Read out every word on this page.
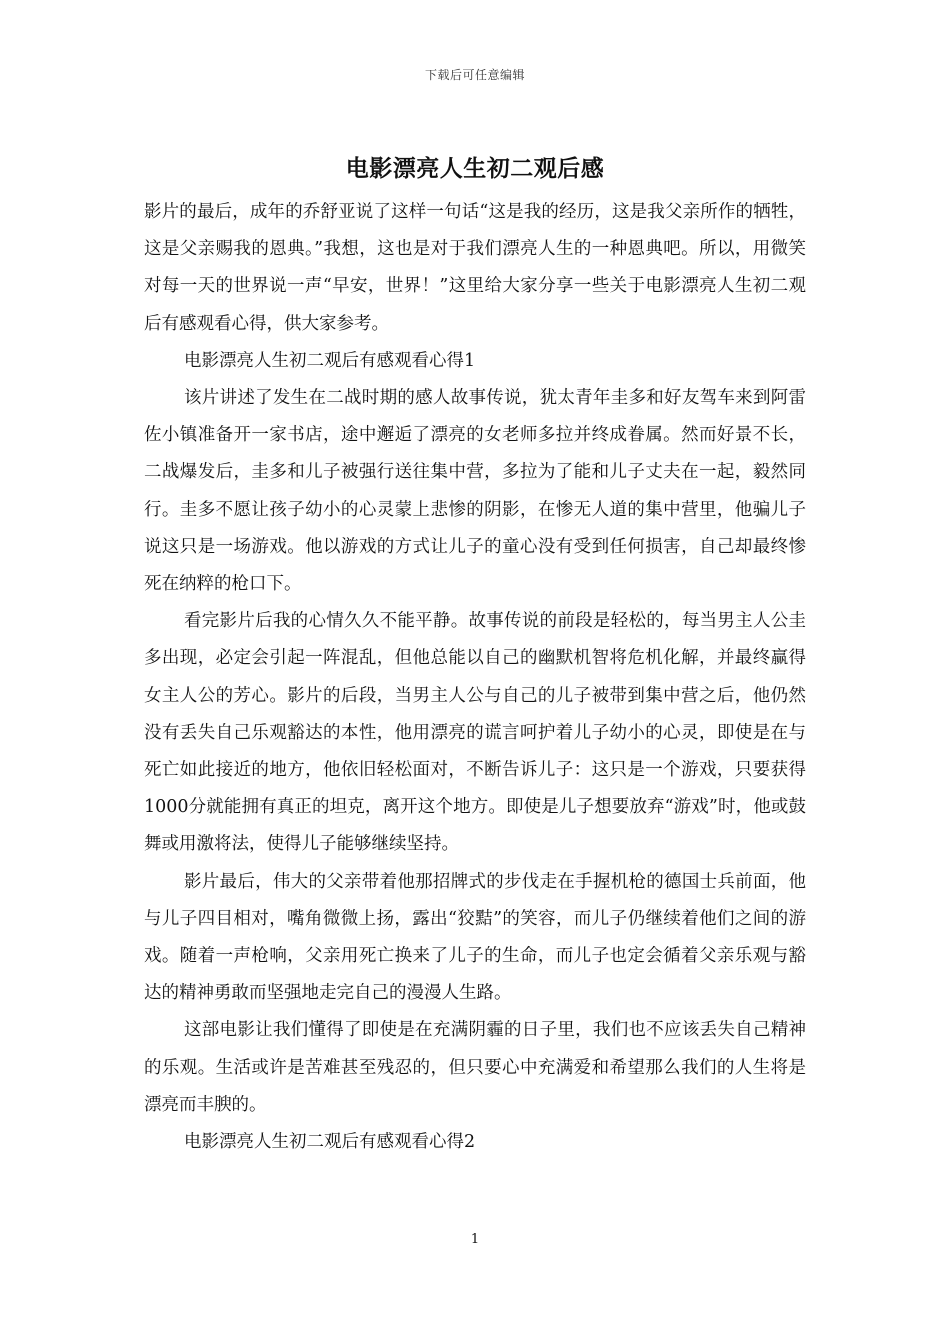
下载后可任意编辑
电影漂亮人生初二观后感

影片的最后，成年的乔舒亚说了这样一句话“这是我的经历，这是我父亲所作的牺牲，这是父亲赐我的恩典。”我想，这也是对于我们漂亮人生的一种恩典吧。所以，用微笑对每一天的世界说一声“早安，世界！”这里给大家分享一些关于电影漂亮人生初二观后有感观看心得，供大家参考。

电影漂亮人生初二观后有感观看心得1

该片讲述了发生在二战时期的感人故事传说，犹太青年圭多和好友驾车来到阿雷佐小镇准备开一家书店，途中邂逅了漂亮的女老师多拉并终成眷属。然而好景不长，二战爆发后，圭多和儿子被强行送往集中营，多拉为了能和儿子丈夫在一起，毅然同行。圭多不愿让孩子幼小的心灵蒙上悲惨的阴影，在惨无人道的集中营里，他骗儿子说这只是一场游戏。他以游戏的方式让儿子的童心没有受到任何损害，自己却最终惨死在纳粹的枪口下。

看完影片后我的心情久久不能平静。故事传说的前段是轻松的，每当男主人公圭多出现，必定会引起一阵混乱，但他总能以自己的幽默机智将危机化解，并最终赢得女主人公的芳心。影片的后段，当男主人公与自己的儿子被带到集中营之后，他仍然没有丢失自己乐观豁达的本性，他用漂亮的谎言呵护着儿子幼小的心灵，即使是在与死亡如此接近的地方，他依旧轻松面对，不断告诉儿子：这只是一个游戏，只要获得1000分就能拥有真正的坦克，离开这个地方。即使是儿子想要放弃“游戏”时，他或鼓舞或用激将法，使得儿子能够继续坚持。

影片最后，伟大的父亲带着他那招牌式的步伐走在手握机枪的德国士兵前面，他与儿子四目相对，嘴角微微上扬，露出“狡黠”的笑容，而儿子仍继续着他们之间的游戏。随着一声枪响，父亲用死亡换来了儿子的生命，而儿子也定会循着父亲乐观与豁达的精神勇敢而坚强地走完自己的漫漫人生路。

这部电影让我们懂得了即使是在充满阴霾的日子里，我们也不应该丢失自己精神的乐观。生活或许是苦难甚至残忍的，但只要心中充满爱和希望那么我们的人生将是漂亮而丰腴的。

电影漂亮人生初二观后有感观看心得2

1
